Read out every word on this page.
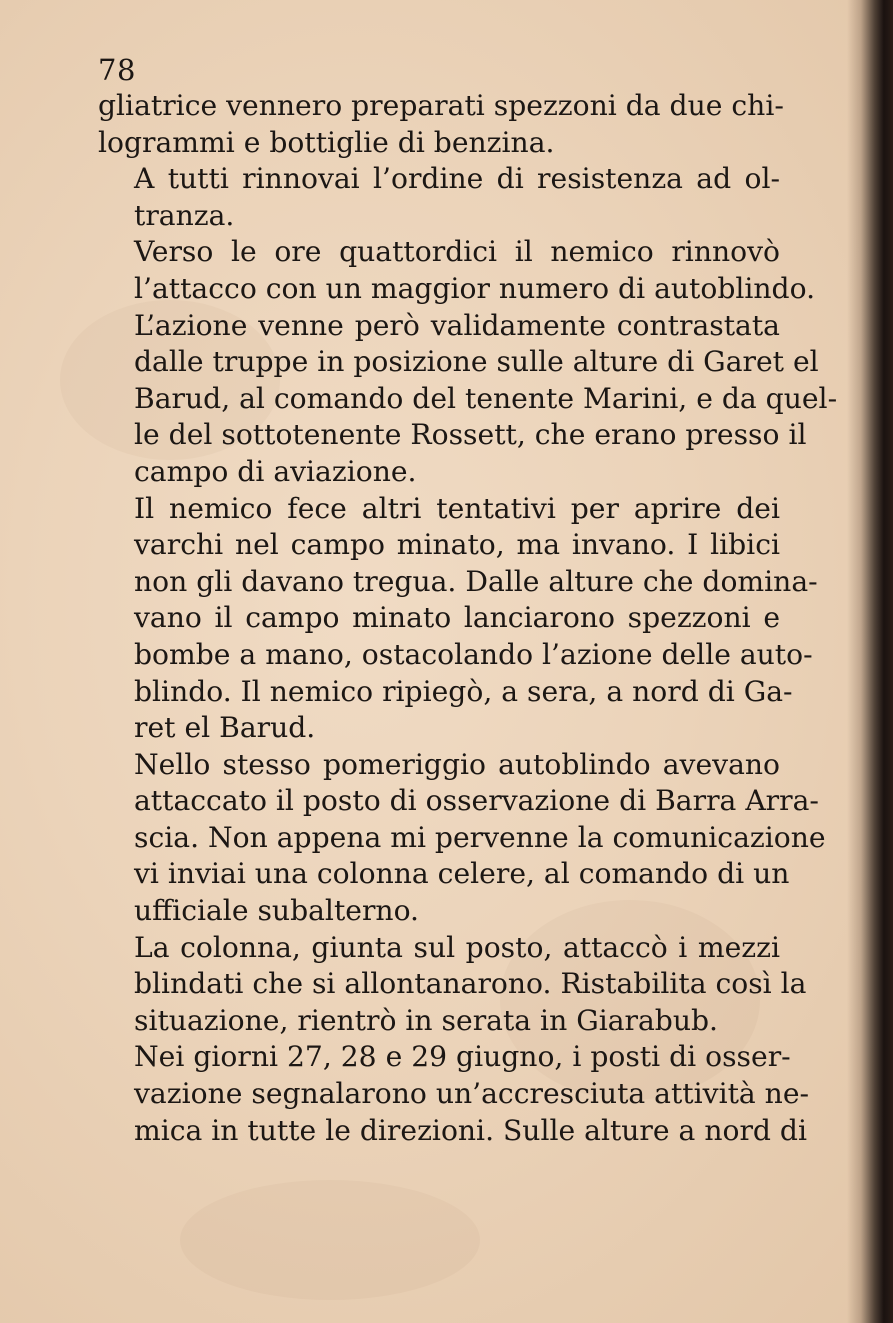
78

gliatrice vennero preparati spezzoni da due chi-
logrammi e bottiglie di benzina.

A tutti rinnovai l’ordine di resistenza ad ol-
tranza.

Verso le ore quattordici il nemico rinnovò
l’attacco con un maggior numero di autoblindo.
L’azione venne però validamente contrastata
dalle truppe in posizione sulle alture di Garet el
Barud, al comando del tenente Marini, e da quel-
le del sottotenente Rossett, che erano presso il
campo di aviazione.

Il nemico fece altri tentativi per aprire dei
varchi nel campo minato, ma invano. I libici
non gli davano tregua. Dalle alture che domina-
vano il campo minato lanciarono spezzoni e
bombe a mano, ostacolando l’azione delle auto-
blindo. Il nemico ripiegò, a sera, a nord di Ga-
ret el Barud.

Nello stesso pomeriggio autoblindo avevano
attaccato il posto di osservazione di Barra Arra-
scia. Non appena mi pervenne la comunicazione
vi inviai una colonna celere, al comando di un
ufficiale subalterno.

La colonna, giunta sul posto, attaccò i mezzi
blindati che si allontanarono. Ristabilita così la
situazione, rientrò in serata in Giarabub.

Nei giorni 27, 28 e 29 giugno, i posti di osser-
vazione segnalarono un’accresciuta attività ne-
mica in tutte le direzioni. Sulle alture a nord di
